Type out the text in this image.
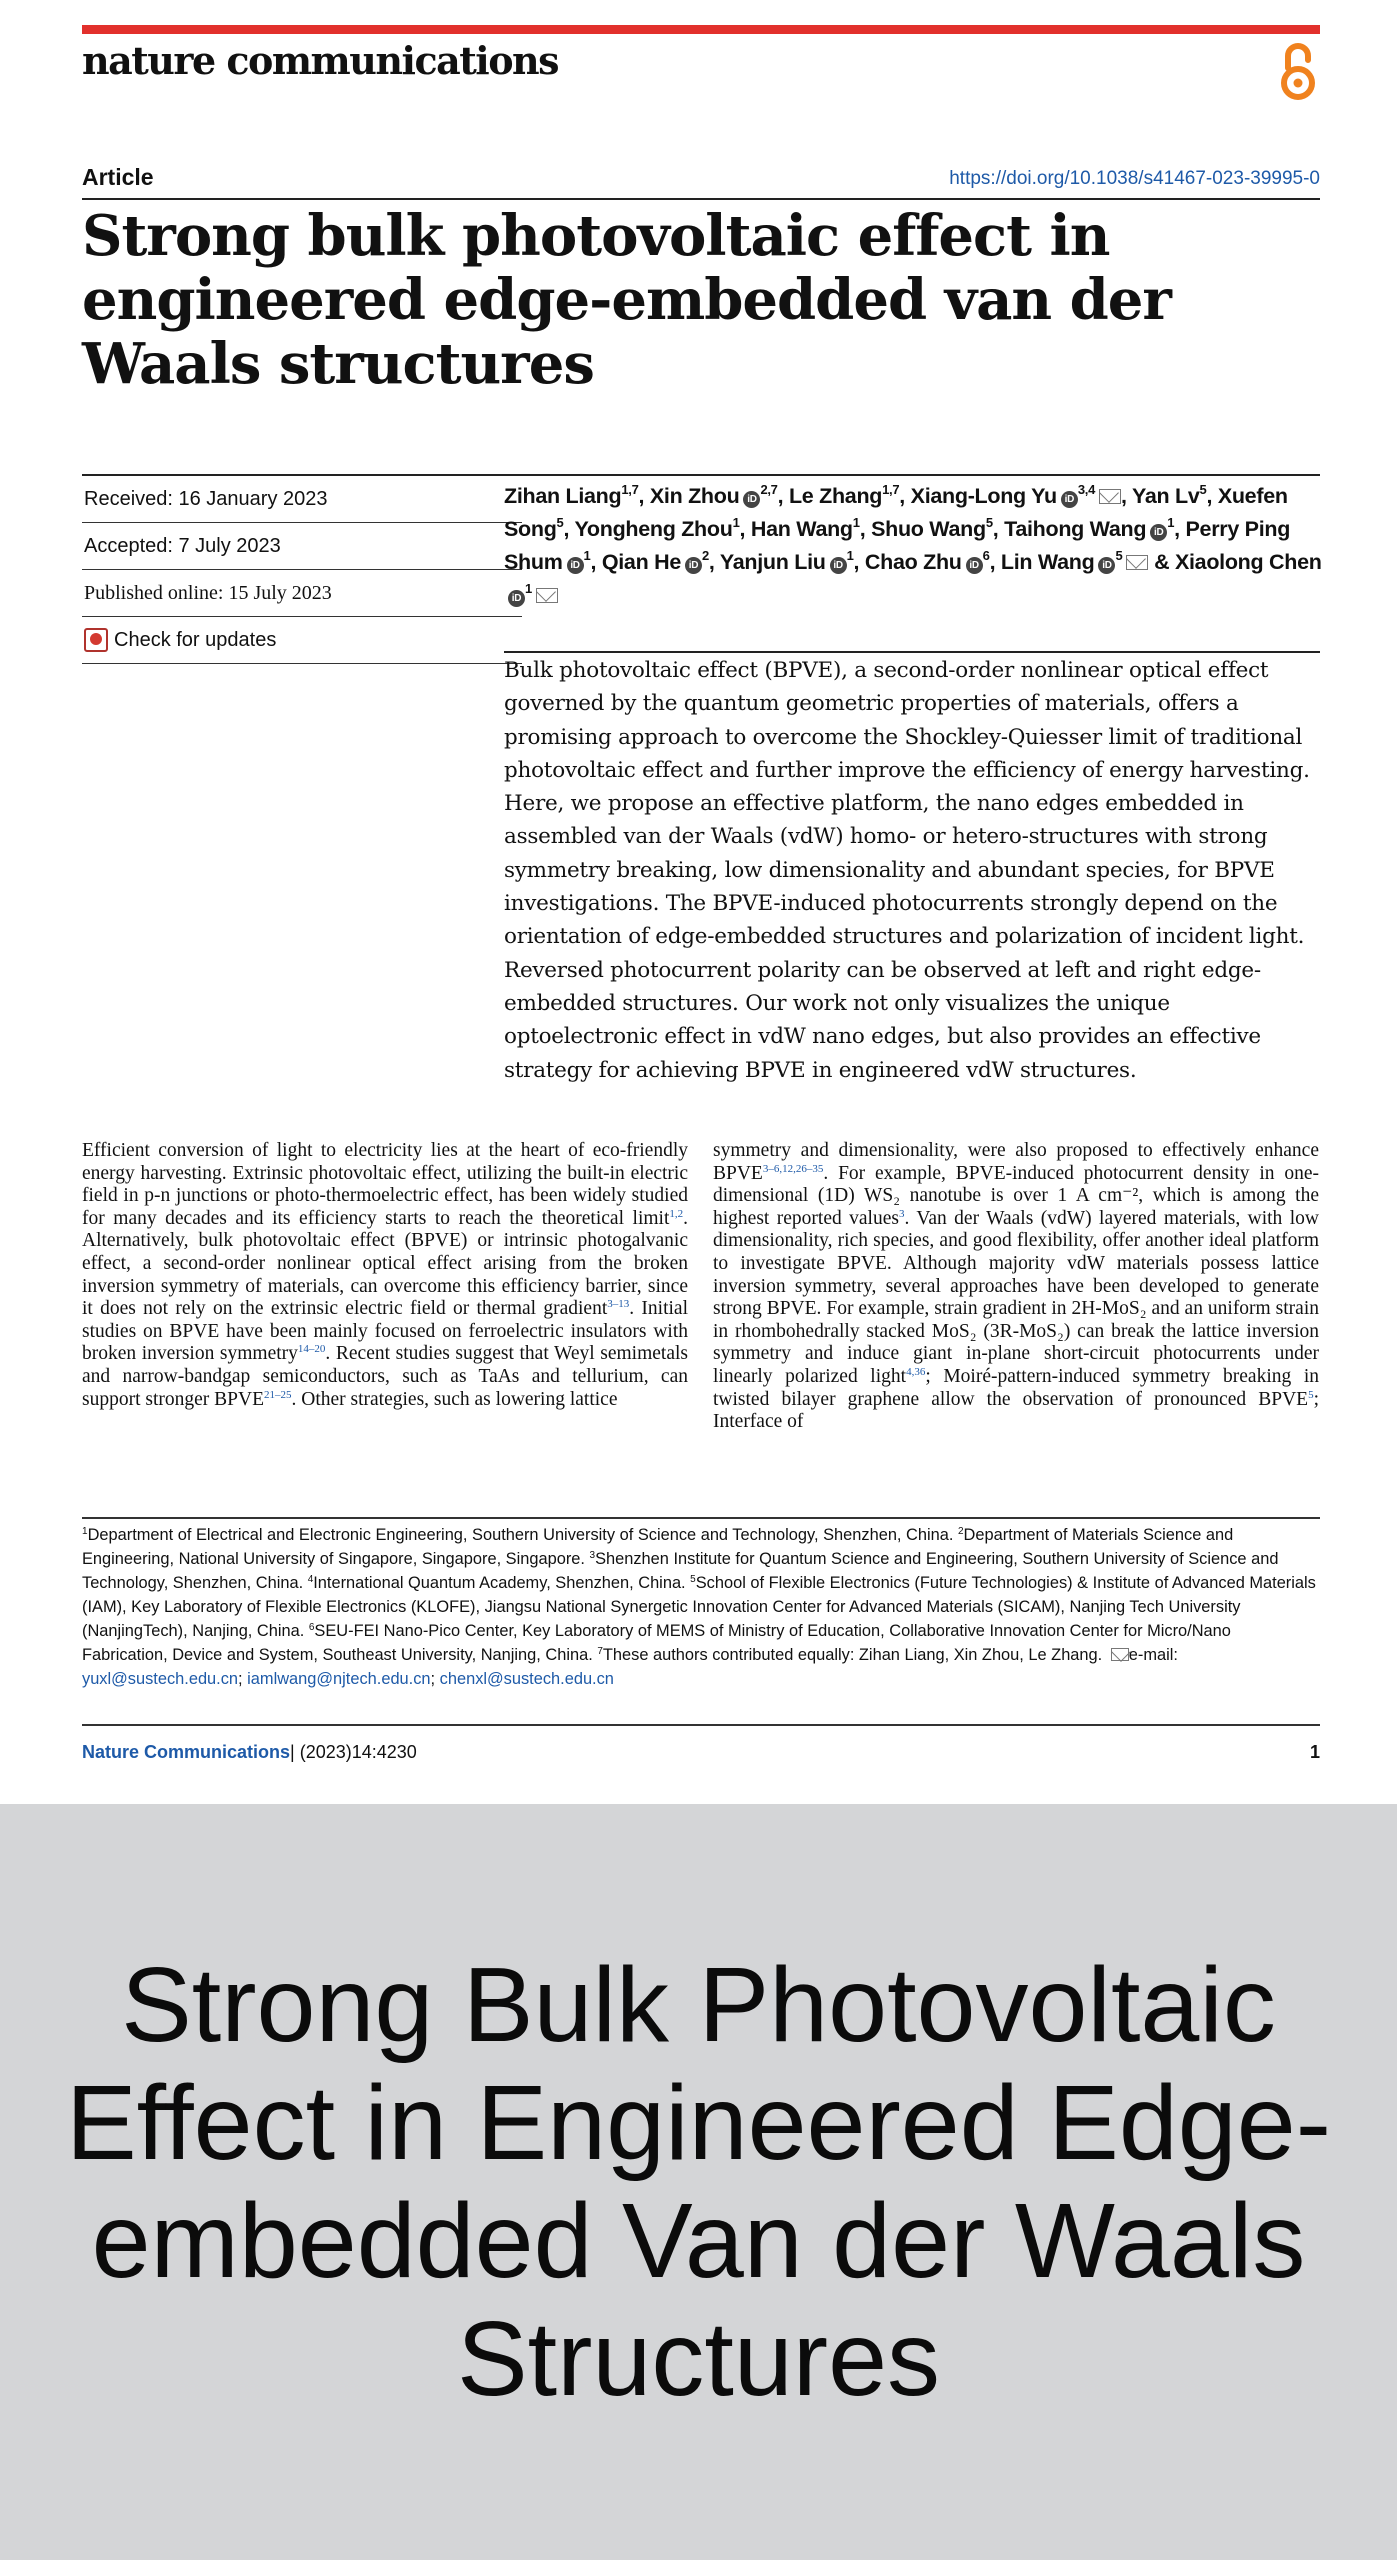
nature communications
Article	https://doi.org/10.1038/s41467-023-39995-0
Strong bulk photovoltaic effect in engineered edge-embedded van der Waals structures
Received: 16 January 2023
Accepted: 7 July 2023
Published online: 15 July 2023
Check for updates
Zihan Liang$^{1,7}$, Xin Zhou iD$^{2,7}$, Le Zhang$^{1,7}$, Xiang-Long Yu iD$^{3,4}$ , Yan Lv$^5$, Xuefen Song$^5$, Yongheng Zhou$^1$, Han Wang$^1$, Shuo Wang$^5$, Taihong Wang $iD^1$, Perry Ping Shum $iD^1$, Qian He $iD^2$, Yanjun Liu $iD^1$, Chao Zhu $iD^6$, Lin Wang $iD^5$ & Xiaolong CheniD$^1$
Bulk photovoltaic effect (BPVE), a second-order nonlinear optical effect governed by the quantum geometric properties of materials, offers a promising approach to overcome the Shockley-Quiesser limit of traditional photovoltaic effect and further improve the efficiency of energy harvesting. Here, we propose an effective platform, the nano edges embedded in assembled van der Waals (vdW) homo- or hetero-structures with strong symmetry breaking, low dimensionality and abundant species, for BPVE investigations. The BPVE-induced photocurrents strongly depend on the orientation of edge-embedded structures and polarization of incident light. Reversed photocurrent polarity can be observed at left and right edge-embedded structures. Our work not only visualizes the unique optoelectronic effect in vdW nano edges, but also provides an effective strategy for achieving BPVE in engineered vdW structures.
Efficient conversion of light to electricity lies at the heart of eco-friendly energy harvesting. Extrinsic photovoltaic effect, utilizing the built-in electric field in p-n junctions or photo-thermoelectric effect, has been widely studied for many decades and its efficiency starts to reach the theoretical limit$^{1,2}$. Alternatively, bulk photovoltaic effect (BPVE) or intrinsic photogalvanic effect, a second-order nonlinear optical effect arising from the broken inversion symmetry of materials, can overcome this efficiency barrier, since it does not rely on the extrinsic electric field or thermal gradient$^{3-13}$. Initial studies on BPVE have been mainly focused on ferroelectric insulators with broken inversion symmetry$^{14-20}$. Recent studies suggest that Weyl semimetals and narrow-bandgap semiconductors, such as TaAs and tellurium, can support stronger BPVE$^{21-25}$. Other strategies, such as lowering lattice
symmetry and dimensionality, were also proposed to effectively enhance BPVE$^{3-6,12,26-35}$. For example, BPVE-induced photocurrent density in one-dimensional (1D) WS₂ nanotube is over 1 A cm⁻², which is among the highest reported values$^3$. Van der Waals (vdW) layered materials, with low dimensionality, rich species, and good flexibility, offer another ideal platform to investigate BPVE. Although majority vdW materials possess lattice inversion symmetry, several approaches have been developed to generate strong BPVE. For example, strain gradient in 2H-MoS₂ and an uniform strain in rhombohedrally stacked MoS₂ (3R-MoS₂) can break the lattice inversion symmetry and induce giant in-plane short-circuit photocurrents under linearly polarized light$^{4,36}$; Moiré-pattern-induced symmetry breaking in twisted bilayer graphene allow the observation of pronounced BPVE$^5$; Interface of
$^1$Department of Electrical and Electronic Engineering, Southern University of Science and Technology, Shenzhen, China. $^2$Department of Materials Science and Engineering, National University of Singapore, Singapore, Singapore. $^3$Shenzhen Institute for Quantum Science and Engineering, Southern University of Science and Technology, Shenzhen, China. $^4$International Quantum Academy, Shenzhen, China. $^5$School of Flexible Electronics (Future Technologies) & Institute of Advanced Materials (IAM), Key Laboratory of Flexible Electronics (KLOFE), Jiangsu National Synergetic Innovation Center for Advanced Materials (SICAM), Nanjing Tech University (NanjingTech), Nanjing, China. $^6$SEU-FEI Nano-Pico Center, Key Laboratory of MEMS of Ministry of Education, Collaborative Innovation Center for Micro/Nano Fabrication, Device and System, Southeast University, Nanjing, China. $^7$These authors contributed equally: Zihan Liang, Xin Zhou, Le Zhang. e-mail: yuxl@sustech.edu.cn; iamlwang@njtech.edu.cn; chenxl@sustech.edu.cn
Nature Communications| (2023)14:4230	1
Strong Bulk Photovoltaic Effect in Engineered Edge-embedded Van der Waals Structures
